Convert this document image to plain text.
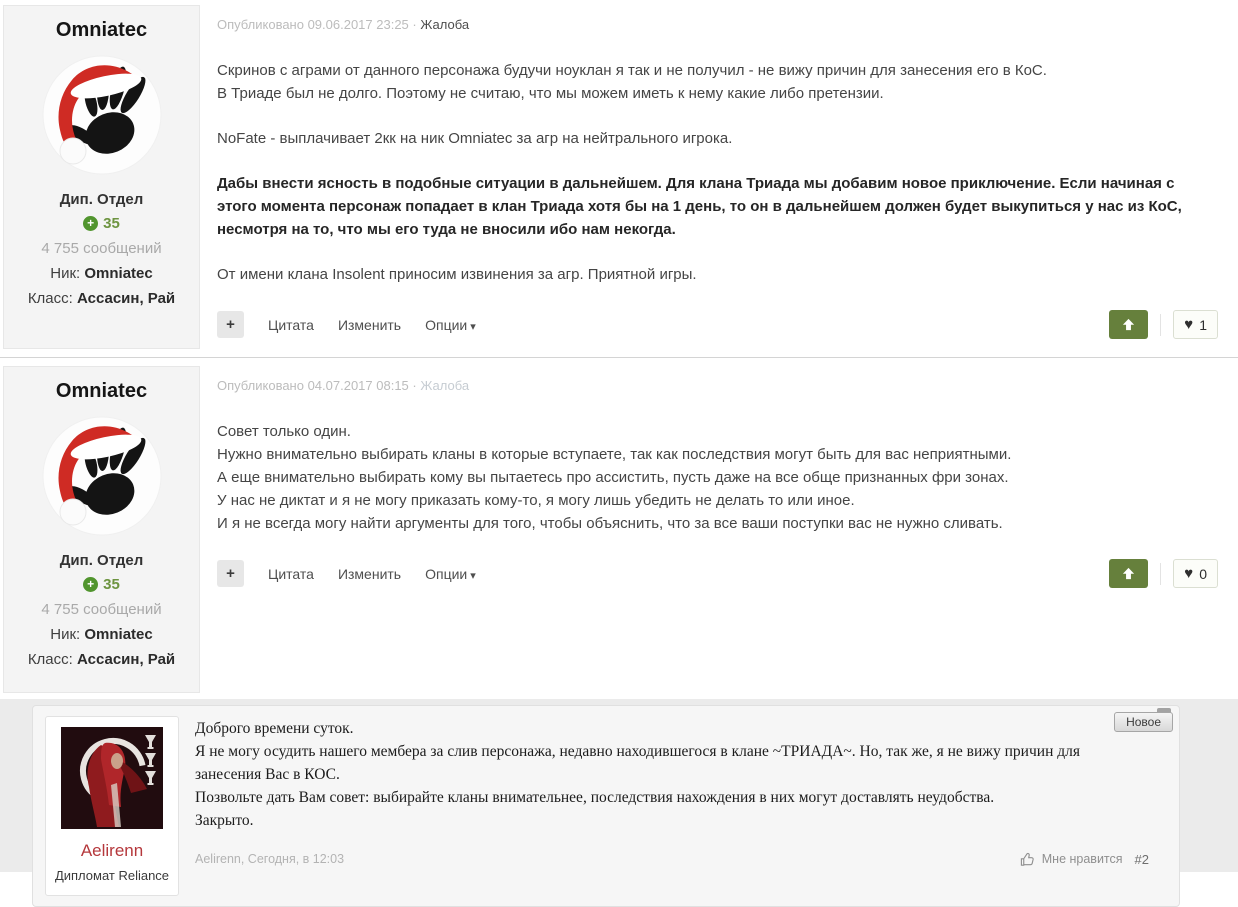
Omniatec
Дип. Отдел
+ 35
4 755 сообщений
Ник: Omniatec
Класс: Ассасин, Рай
Опубликовано 09.06.2017 23:25 · Жалоба
Скринов с аграми от данного персонажа будучи ноуклан я так и не получил - не вижу причин для занесения его в КоС.
В Триаде был не долго. Поэтому не считаю, что мы можем иметь к нему какие либо претензии.
NoFate - выплачивает 2кк на ник Omniatec за агр на нейтрального игрока.
Дабы внести ясность в подобные ситуации в дальнейшем. Для клана Триада мы добавим новое приключение. Если начиная с этого момента персонаж попадает в клан Триада хотя бы на 1 день, то он в дальнейшем должен будет выкупиться у нас из КоС, несмотря на то, что мы его туда не вносили ибо нам некогда.
От имени клана Insolent приносим извинения за агр. Приятной игры.
+	Цитата Изменить Опции ▾	♥ 1
Omniatec
Дип. Отдел
+ 35
4 755 сообщений
Ник: Omniatec
Класс: Ассасин, Рай
Опубликовано 04.07.2017 08:15 · Жалоба
Совет только один.
Нужно внимательно выбирать кланы в которые вступаете, так как последствия могут быть для вас неприятными.
А еще внимательно выбирать кому вы пытаетесь про ассистить, пусть даже на все обще признанных фри зонах.
У нас не диктат и я не могу приказать кому-то, я могу лишь убедить не делать то или иное.
И я не всегда могу найти аргументы для того, чтобы объяснить, что за все ваши поступки вас не нужно сливать.
+	Цитата Изменить Опции ▾	♥ 0
Новое
Aelirenn
Дипломат Reliance
Доброго времени суток.
Я не могу осудить нашего мембера за слив персонажа, недавно находившегося в клане ~ТРИАДА~. Но, так же, я не вижу причин для занесения Вас в КОС.
Позвольте дать Вам совет: выбирайте кланы внимательнее, последствия нахождения в них могут доставлять неудобства.
Закрыто.
Aelirenn, Сегодня, в 12:03	Мне нравится #2
